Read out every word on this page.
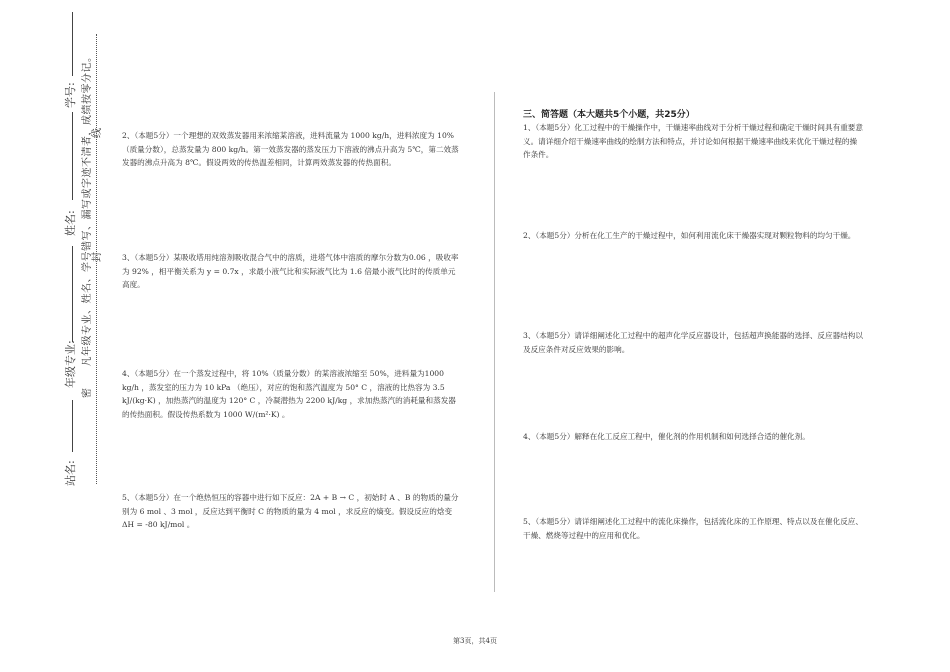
学号:
姓名:
年级专业:
站名:
密  凡年级专业、姓名、学号错写、漏写或字迹不清者，成绩按零分记。 封
线	2、（本题5分）一个理想的双效蒸发器用来浓缩某溶液，进料流量为 1000 kg/h，进料浓度为 10%（质量分数），总蒸发量为 800 kg/h。第一效蒸发器的蒸发压力下溶液的沸点升高为 5℃，第二效蒸发器的沸点升高为 8℃。假设两效的传热温差相同，计算两效蒸发器的传热面积。
3、（本题5分）某吸收塔用纯溶剂吸收混合气中的溶质，进塔气体中溶质的摩尔分数为0.06 ，吸收率为 92% ，相平衡关系为 y = 0.7x ，求最小液气比和实际液气比为 1.6 倍最小液气比时的传质单元高度。
4、（本题5分）在一个蒸发过程中，将 10%（质量分数）的某溶液浓缩至 50%，进料量为1000 kg/h ，蒸发室的压力为 10 kPa （绝压），对应的饱和蒸汽温度为 50° C ，溶液的比热容为 3.5 kJ/(kg·K) ，加热蒸汽的温度为 120° C ，冷凝潜热为 2200 kJ/kg ，求加热蒸汽的消耗量和蒸发器的传热面积。假设传热系数为 1000 W/(m²·K) 。
5、（本题5分）在一个绝热恒压的容器中进行如下反应：2A + B → C ，初始时 A 、B 的物质的量分别为 6 mol 、3 mol ，反应达到平衡时 C 的物质的量为 4 mol ，求反应的熵变。假设反应的焓变 ΔH = -80 kJ/mol 。
三、简答题（本大题共5个小题，共25分）
1、（本题5分）化工过程中的干燥操作中，干燥速率曲线对于分析干燥过程和确定干燥时间具有重要意义。请详细介绍干燥速率曲线的绘制方法和特点，并讨论如何根据干燥速率曲线来优化干燥过程的操作条件。
2、（本题5分）分析在化工生产的干燥过程中，如何利用流化床干燥器实现对颗粒物料的均匀干燥。
3、（本题5分）请详细阐述化工过程中的超声化学反应器设计，包括超声换能器的选择、反应器结构以及反应条件对反应效果的影响。
4、（本题5分）解释在化工反应工程中，催化剂的作用机制和如何选择合适的催化剂。
5、（本题5分）请详细阐述化工过程中的流化床操作，包括流化床的工作原理、特点以及在催化反应、干燥、燃烧等过程中的应用和优化。
第3页，共4页
